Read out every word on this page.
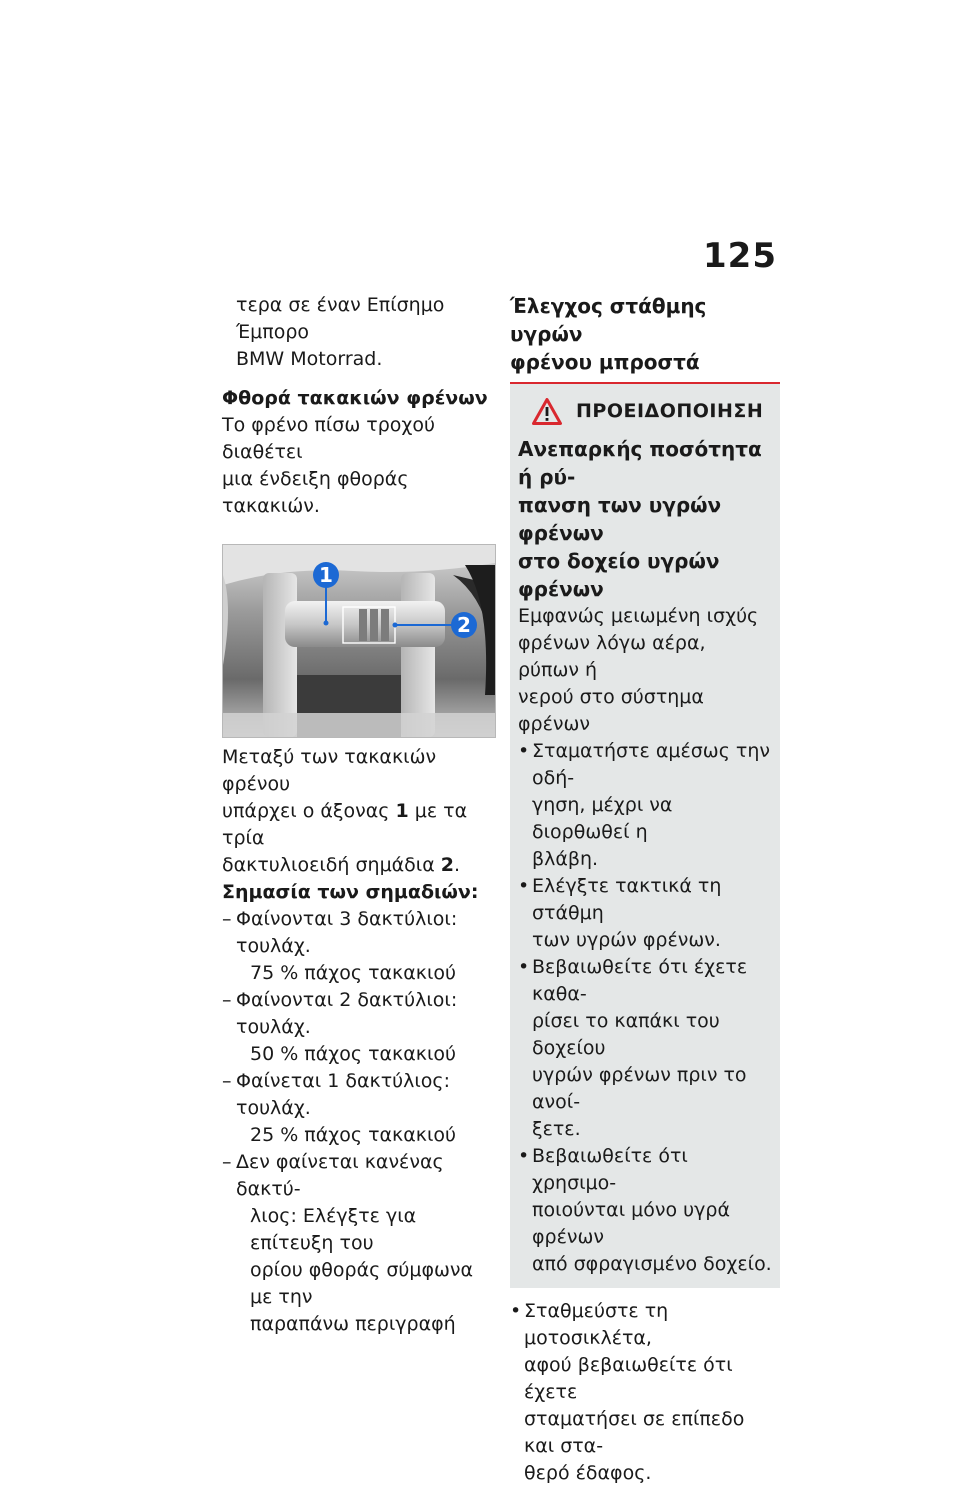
125

τερα σε έναν Επίσημο Έμπορο

BMW Motorrad.

Φθορά τακακιών φρένων

Το φρένο πίσω τροχού διαθέτει

μια ένδειξη φθοράς τακακιών.

1
2

Μεταξύ των τακακιών φρένου

υπάρχει ο άξονας 1 με τα τρία

δακτυλιοειδή σημάδια 2.

Σημασία των σημαδιών:

– Φαίνονται 3 δακτύλιοι: τουλάχ.

75 % πάχος τακακιού

– Φαίνονται 2 δακτύλιοι: τουλάχ.

50 % πάχος τακακιού

– Φαίνεται 1 δακτύλιος: τουλάχ.

25 % πάχος τακακιού

– Δεν φαίνεται κανένας δακτύ-

λιος: Ελέγξτε για επίτευξη του

ορίου φθοράς σύμφωνα με την

παραπάνω περιγραφή

Έλεγχος στάθμης υγρών

φρένου μπροστά

ΠΡΟΕΙΔΟΠΟΙΗΣΗ

Ανεπαρκής ποσότητα ή ρύ-

πανση των υγρών φρένων

στο δοχείο υγρών φρένων

Εμφανώς μειωμένη ισχύς

φρένων λόγω αέρα, ρύπων ή

νερού στο σύστημα φρένων

• Σταματήστε αμέσως την οδή-

γηση, μέχρι να διορθωθεί η

βλάβη.

• Ελέγξτε τακτικά τη στάθμη

των υγρών φρένων.

• Βεβαιωθείτε ότι έχετε καθα-

ρίσει το καπάκι του δοχείου

υγρών φρένων πριν το ανοί-

ξετε.

• Βεβαιωθείτε ότι χρησιμο-

ποιούνται μόνο υγρά φρένων

από σφραγισμένο δοχείο.

• Σταθμεύστε τη μοτοσικλέτα,

αφού βεβαιωθείτε ότι έχετε

σταματήσει σε επίπεδο και στα-

θερό έδαφος.
